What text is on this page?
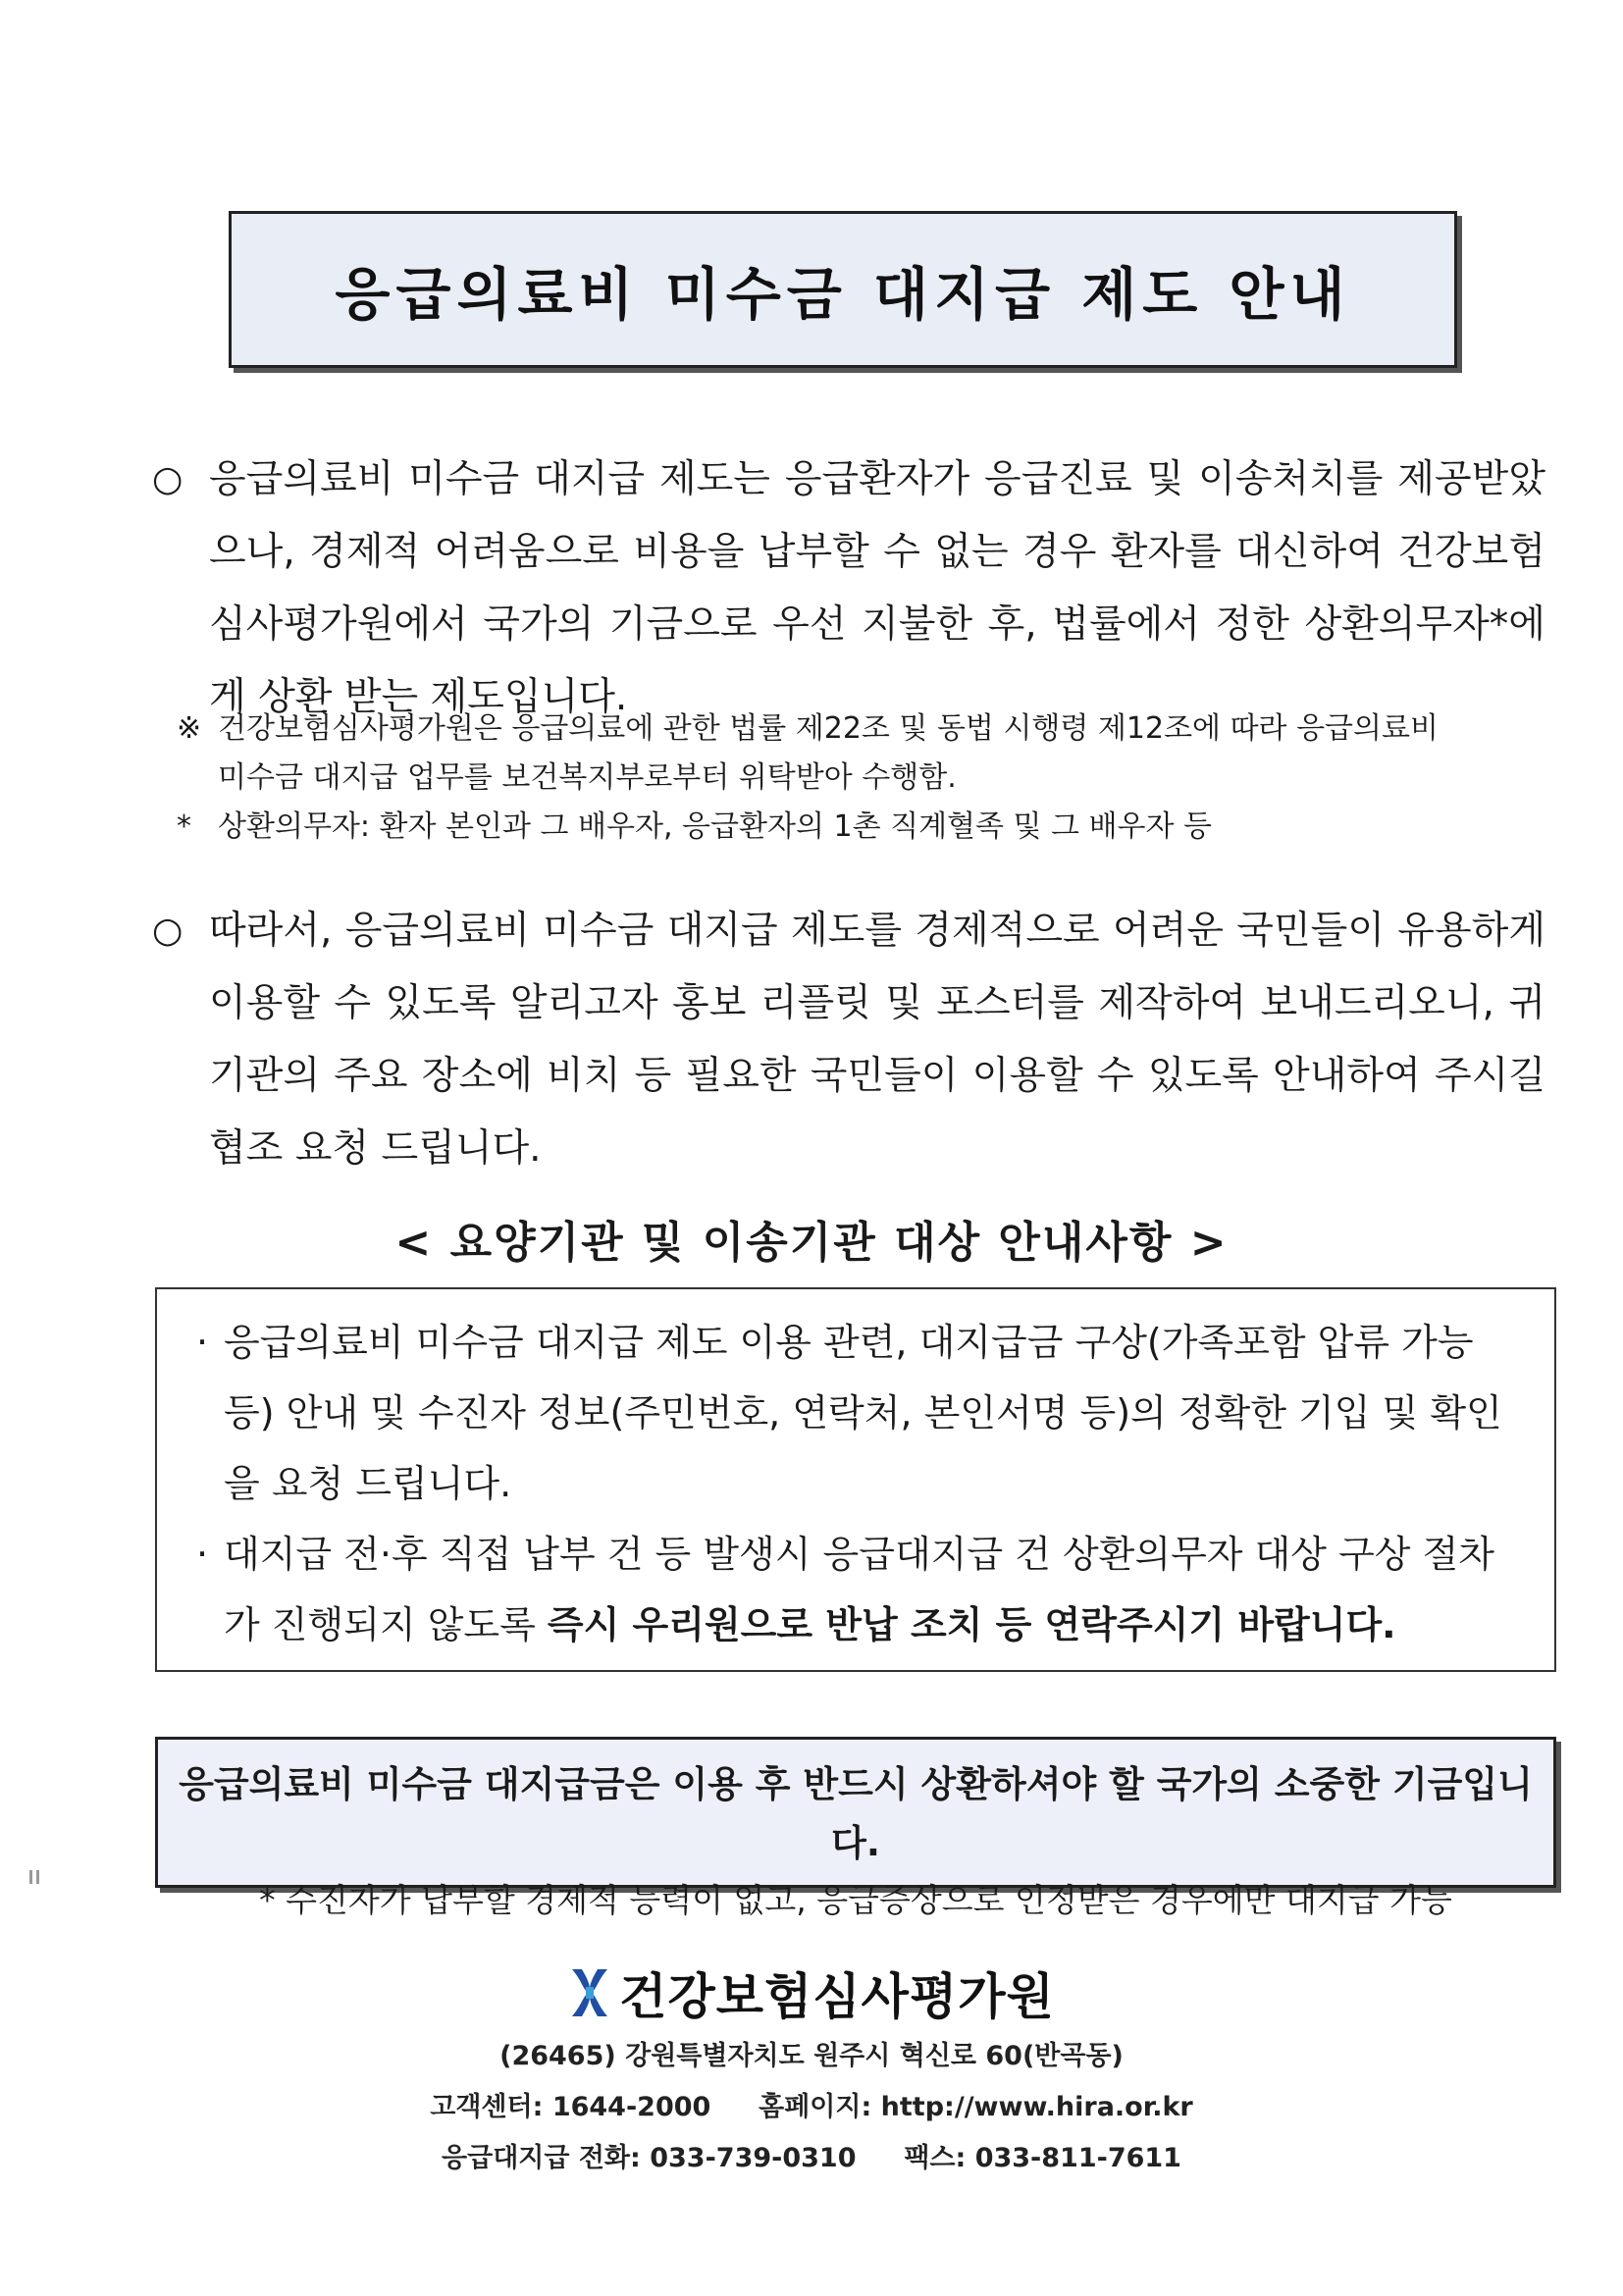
응급의료비 미수금 대지급 제도 안내
○ 응급의료비 미수금 대지급 제도는 응급환자가 응급진료 및 이송처치를 제공받았으나, 경제적 어려움으로 비용을 납부할 수 없는 경우 환자를 대신하여 건강보험심사평가원에서 국가의 기금으로 우선 지불한 후, 법률에서 정한 상환의무자*에게 상환 받는 제도입니다.
※ 건강보험심사평가원은 응급의료에 관한 법률 제22조 및 동법 시행령 제12조에 따라 응급의료비
미수금 대지급 업무를 보건복지부로부터 위탁받아 수행함.
* 상환의무자: 환자 본인과 그 배우자, 응급환자의 1촌 직계혈족 및 그 배우자 등
○ 따라서, 응급의료비 미수금 대지급 제도를 경제적으로 어려운 국민들이 유용하게 이용할 수 있도록 알리고자 홍보 리플릿 및 포스터를 제작하여 보내드리오니, 귀 기관의 주요 장소에 비치 등 필요한 국민들이 이용할 수 있도록 안내하여 주시길 협조 요청 드립니다.
< 요양기관 및 이송기관 대상 안내사항 >
· 응급의료비 미수금 대지급 제도 이용 관련, 대지급금 구상(가족포함 압류 가능 등) 안내 및 수진자 정보(주민번호, 연락처, 본인서명 등)의 정확한 기입 및 확인을 요청 드립니다.
· 대지급 전·후 직접 납부 건 등 발생시 응급대지급 건 상환의무자 대상 구상 절차가 진행되지 않도록 즉시 우리원으로 반납 조치 등 연락주시기 바랍니다.
응급의료비 미수금 대지급금은 이용 후 반드시 상환하셔야 할 국가의 소중한 기금입니다.
* 수진자가 납부할 경제적 능력이 없고, 응급증상으로 인정받은 경우에만 대지급 가능
건강보험심사평가원
(26465) 강원특별자치도 원주시 혁신로 60(반곡동)
고객센터: 1644-2000 홈페이지: http://www.hira.or.kr
응급대지급 전화: 033-739-0310 팩스: 033-811-7611
